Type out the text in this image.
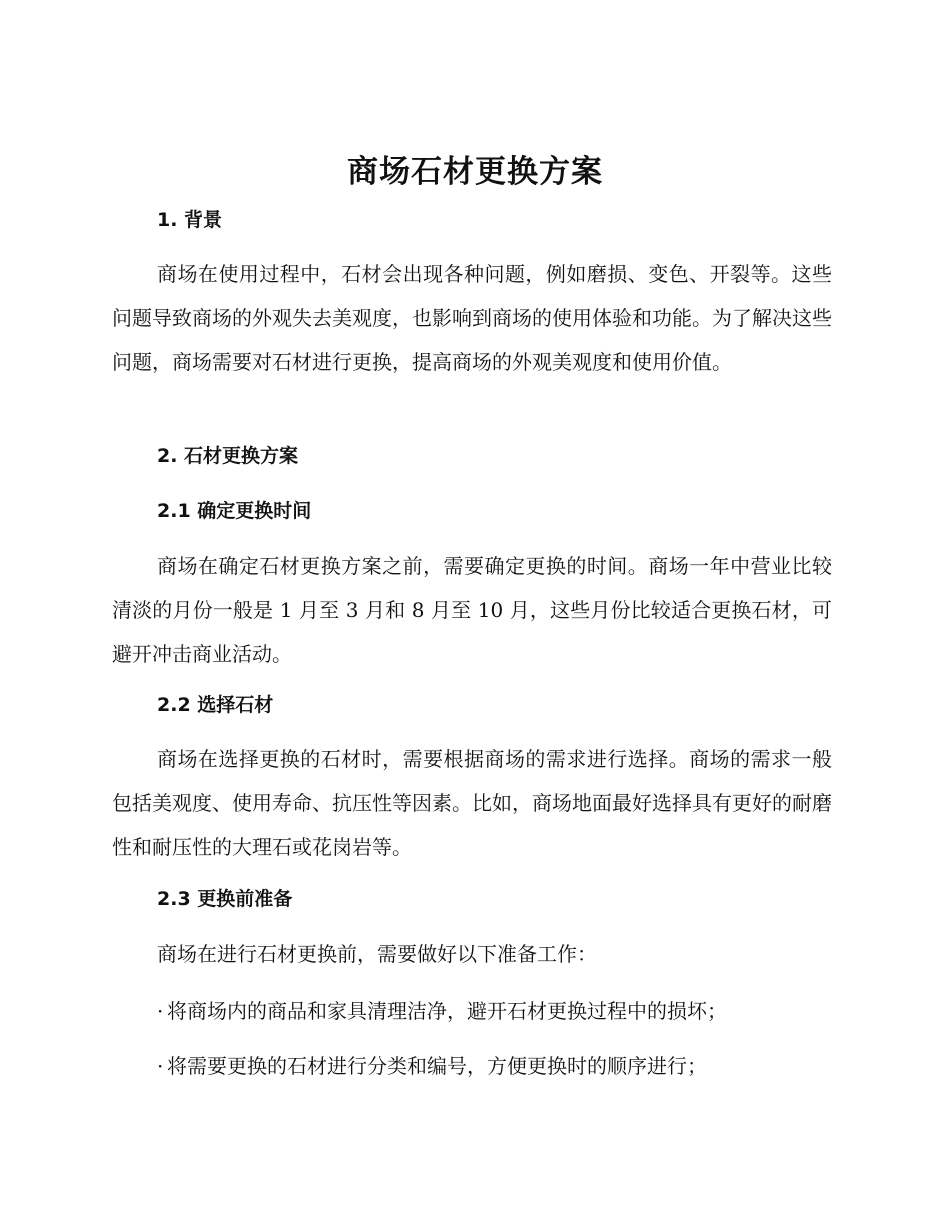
商场石材更换方案
1. 背景

商场在使用过程中，石材会出现各种问题，例如磨损、变色、开裂等。这些问题导致商场的外观失去美观度，也影响到商场的使用体验和功能。为了解决这些问题，商场需要对石材进行更换，提高商场的外观美观度和使用价值。

2. 石材更换方案
2.1 确定更换时间

商场在确定石材更换方案之前，需要确定更换的时间。商场一年中营业比较清淡的月份一般是 1 月至 3 月和 8 月至 10 月，这些月份比较适合更换石材，可避开冲击商业活动。

2.2 选择石材

商场在选择更换的石材时，需要根据商场的需求进行选择。商场的需求一般包括美观度、使用寿命、抗压性等因素。比如，商场地面最好选择具有更好的耐磨性和耐压性的大理石或花岗岩等。

2.3 更换前准备

商场在进行石材更换前，需要做好以下准备工作：

· 将商场内的商品和家具清理洁净，避开石材更换过程中的损坏；

· 将需要更换的石材进行分类和编号，方便更换时的顺序进行；
